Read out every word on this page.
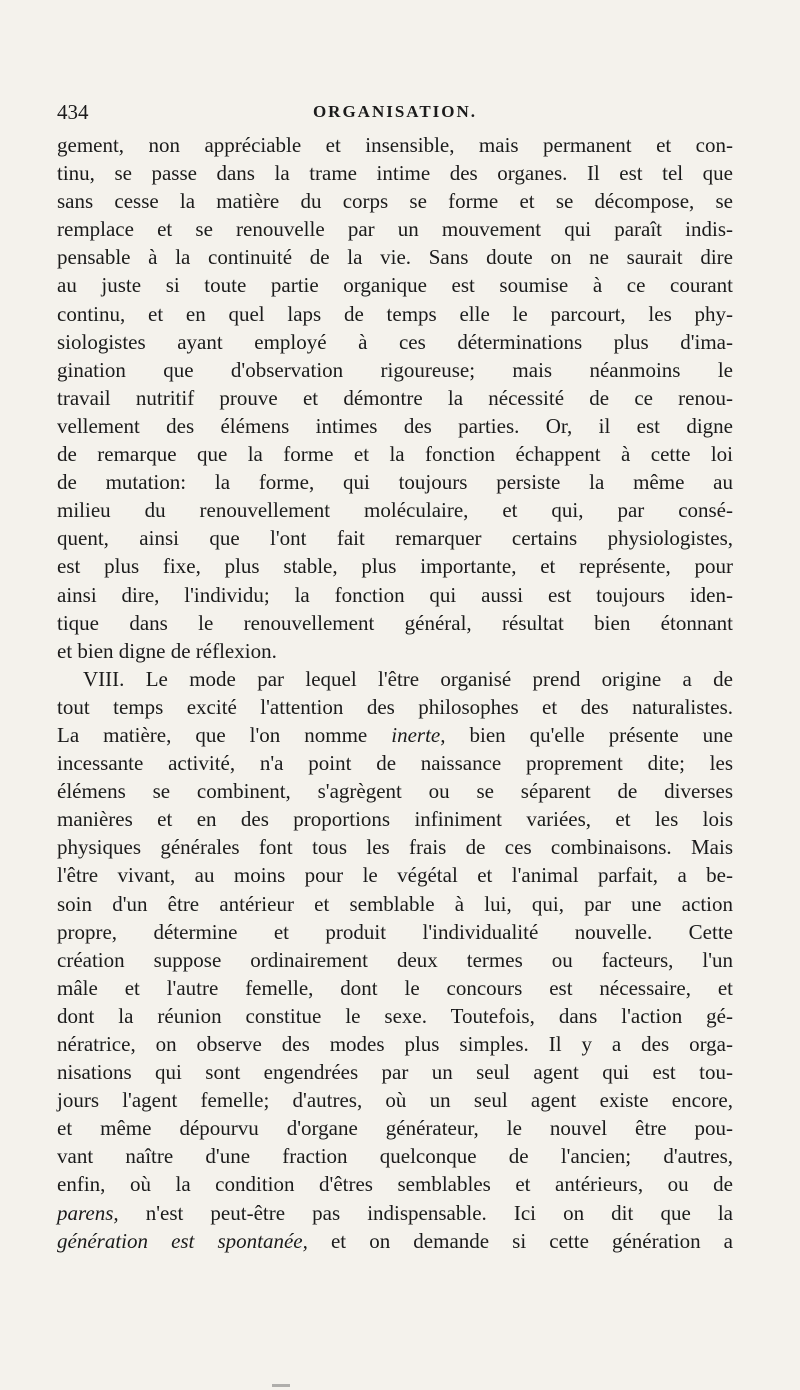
434	ORGANISATION.
gement, non appréciable et insensible, mais permanent et con-
tinu, se passe dans la trame intime des organes. Il est tel que
sans cesse la matière du corps se forme et se décompose, se
remplace et se renouvelle par un mouvement qui paraît indis-
pensable à la continuité de la vie. Sans doute on ne saurait dire
au juste si toute partie organique est soumise à ce courant
continu, et en quel laps de temps elle le parcourt, les phy-
siologistes ayant employé à ces déterminations plus d'ima-
gination que d'observation rigoureuse; mais néanmoins le
travail nutritif prouve et démontre la nécessité de ce renou-
vellement des élémens intimes des parties. Or, il est digne
de remarque que la forme et la fonction échappent à cette loi
de mutation: la forme, qui toujours persiste la même au
milieu du renouvellement moléculaire, et qui, par consé-
quent, ainsi que l'ont fait remarquer certains physiologistes,
est plus fixe, plus stable, plus importante, et représente, pour
ainsi dire, l'individu; la fonction qui aussi est toujours iden-
tique dans le renouvellement général, résultat bien étonnant
et bien digne de réflexion.
VIII. Le mode par lequel l'être organisé prend origine a de
tout temps excité l'attention des philosophes et des naturalistes.
La matière, que l'on nomme inerte, bien qu'elle présente une
incessante activité, n'a point de naissance proprement dite; les
élémens se combinent, s'agrègent ou se séparent de diverses
manières et en des proportions infiniment variées, et les lois
physiques générales font tous les frais de ces combinaisons. Mais
l'être vivant, au moins pour le végétal et l'animal parfait, a be-
soin d'un être antérieur et semblable à lui, qui, par une action
propre, détermine et produit l'individualité nouvelle. Cette
création suppose ordinairement deux termes ou facteurs, l'un
mâle et l'autre femelle, dont le concours est nécessaire, et
dont la réunion constitue le sexe. Toutefois, dans l'action gé-
nératrice, on observe des modes plus simples. Il y a des orga-
nisations qui sont engendrées par un seul agent qui est tou-
jours l'agent femelle; d'autres, où un seul agent existe encore,
et même dépourvu d'organe générateur, le nouvel être pou-
vant naître d'une fraction quelconque de l'ancien; d'autres,
enfin, où la condition d'êtres semblables et antérieurs, ou de
parens, n'est peut-être pas indispensable. Ici on dit que la
génération est spontanée, et on demande si cette génération a
